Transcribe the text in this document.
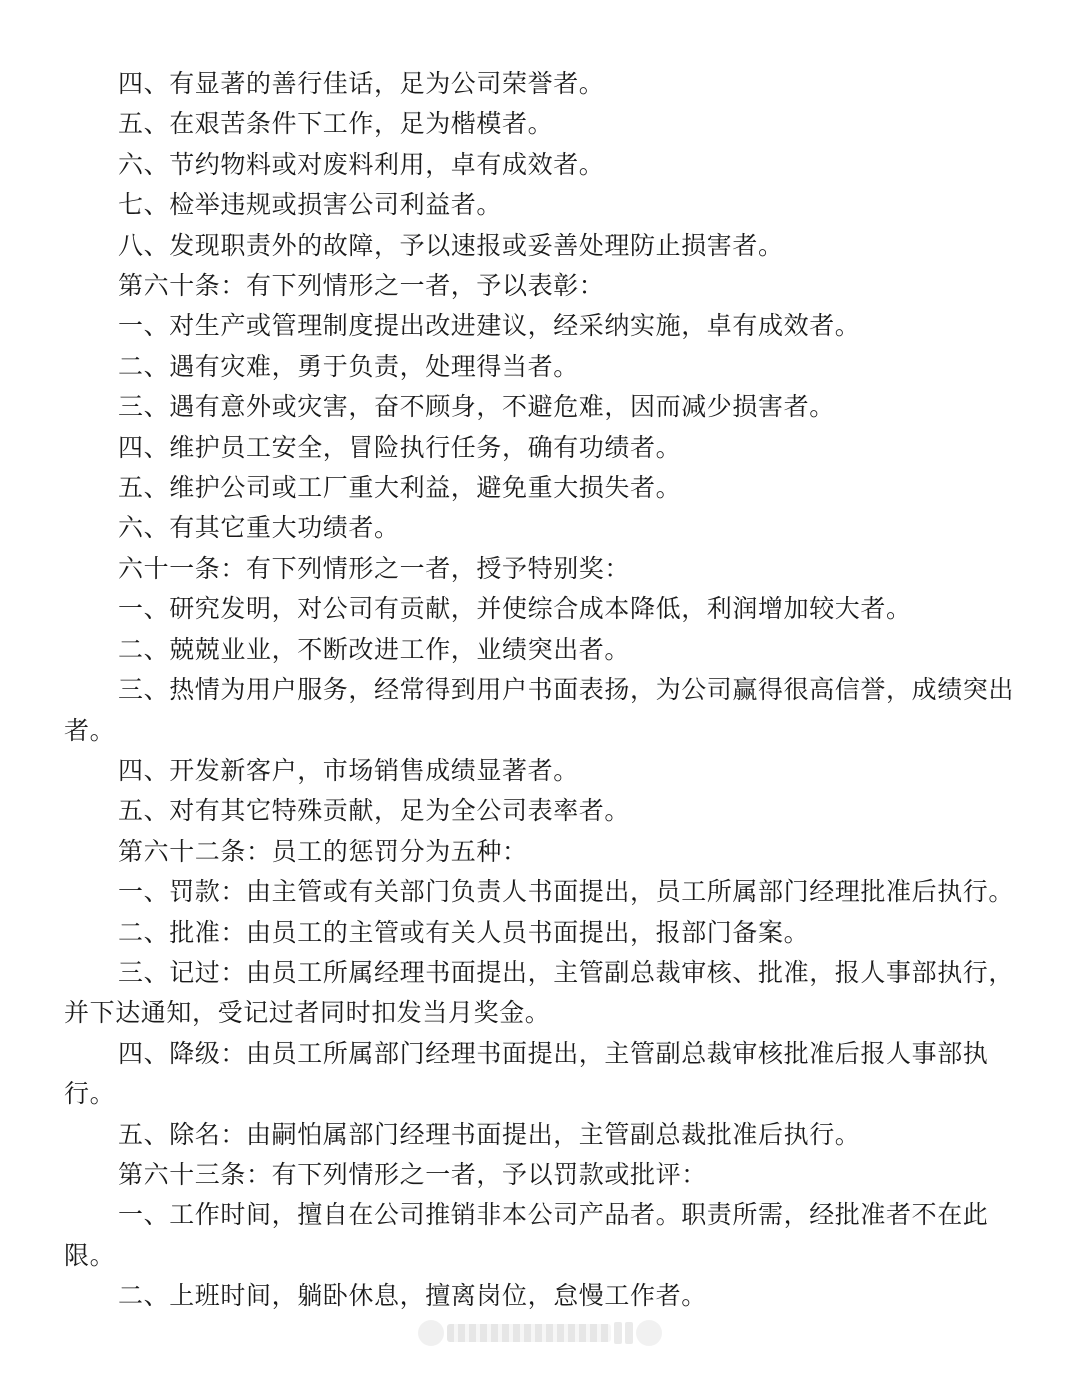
四、有显著的善行佳话，足为公司荣誉者。

五、在艰苦条件下工作，足为楷模者。

六、节约物料或对废料利用，卓有成效者。

七、检举违规或损害公司利益者。

八、发现职责外的故障，予以速报或妥善处理防止损害者。

第六十条：有下列情形之一者，予以表彰：

一、对生产或管理制度提出改进建议，经采纳实施，卓有成效者。

二、遇有灾难，勇于负责，处理得当者。

三、遇有意外或灾害，奋不顾身，不避危难，因而减少损害者。

四、维护员工安全，冒险执行任务，确有功绩者。

五、维护公司或工厂重大利益，避免重大损失者。

六、有其它重大功绩者。

六十一条：有下列情形之一者，授予特别奖：

一、研究发明，对公司有贡献，并使综合成本降低，利润增加较大者。

二、兢兢业业，不断改进工作，业绩突出者。

三、热情为用户服务，经常得到用户书面表扬，为公司赢得很高信誉，成绩突出者。

四、开发新客户，市场销售成绩显著者。

五、对有其它特殊贡献，足为全公司表率者。

第六十二条：员工的惩罚分为五种：

一、罚款：由主管或有关部门负责人书面提出，员工所属部门经理批准后执行。

二、批准：由员工的主管或有关人员书面提出，报部门备案。

三、记过：由员工所属经理书面提出，主管副总裁审核、批准，报人事部执行，并下达通知，受记过者同时扣发当月奖金。

四、降级：由员工所属部门经理书面提出，主管副总裁审核批准后报人事部执行。

五、除名：由嗣怕属部门经理书面提出，主管副总裁批准后执行。

第六十三条：有下列情形之一者，予以罚款或批评：

一、工作时间，擅自在公司推销非本公司产品者。职责所需，经批准者不在此限。

二、上班时间，躺卧休息，擅离岗位，怠慢工作者。
